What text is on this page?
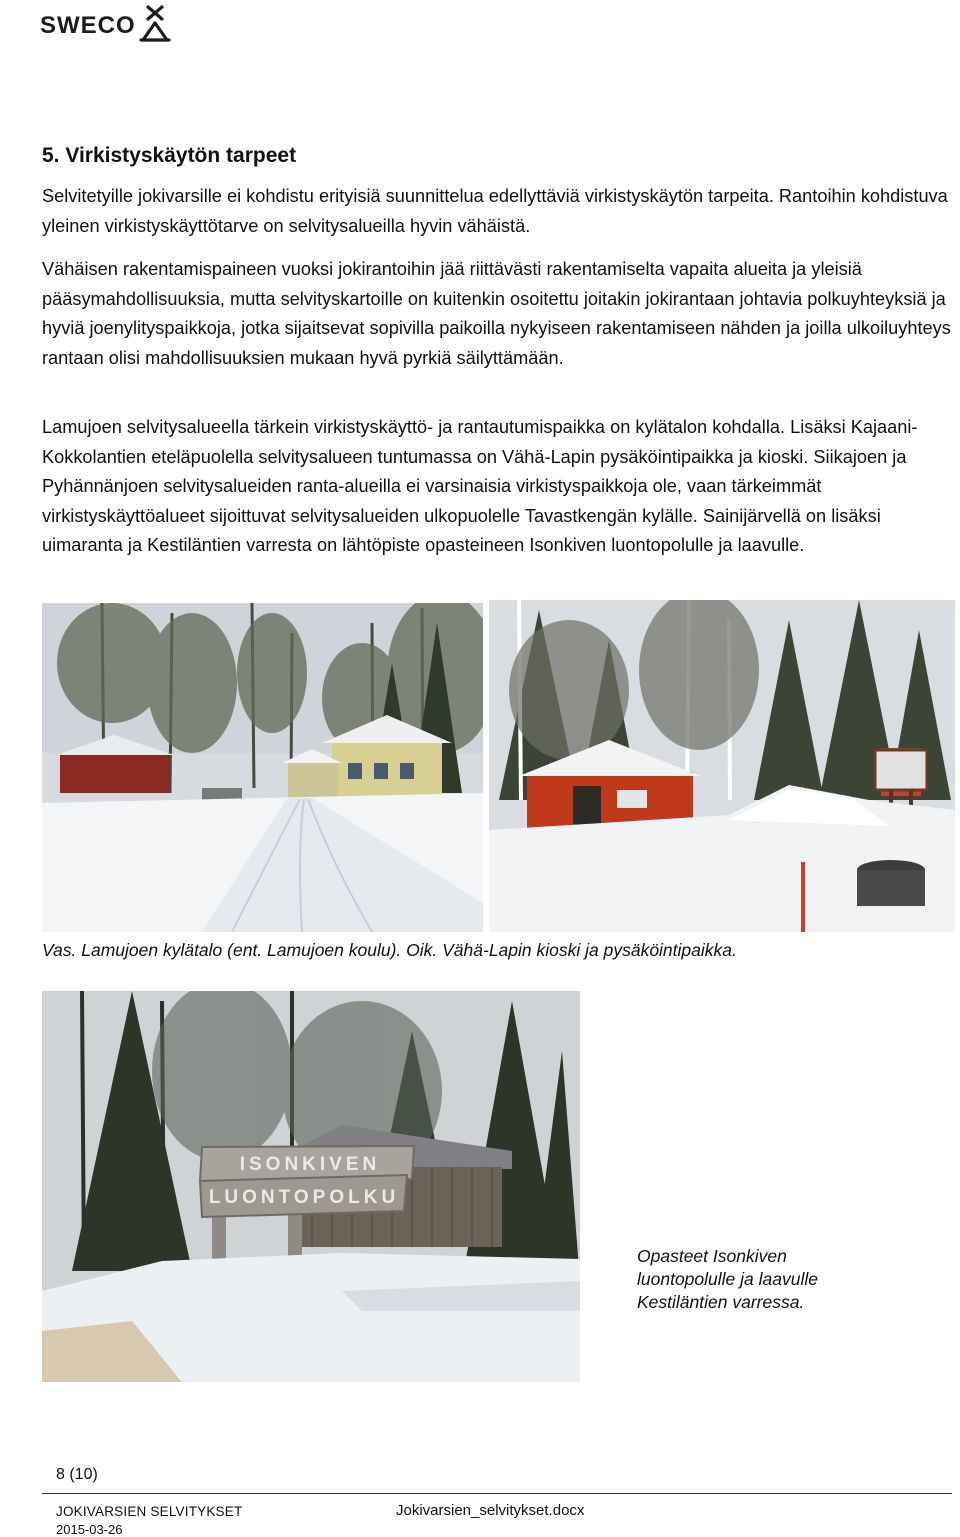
SWECO
5. Virkistyskäytön tarpeet

Selvitetyille jokivarsille ei kohdistu erityisiä suunnittelua edellyttäviä virkistyskäytön tarpeita. Rantoihin kohdistuva yleinen virkistyskäyttötarve on selvitysalueilla hyvin vähäistä.

Vähäisen rakentamispaineen vuoksi jokirantoihin jää riittävästi rakentamiselta vapaita alueita ja yleisiä pääsymahdollisuuksia, mutta selvityskartoille on kuitenkin osoitettu joitakin jokirantaan johtavia polkuyhteyksiä ja hyviä joenylityspaikkoja, jotka sijaitsevat sopivilla paikoilla nykyiseen rakentamiseen nähden ja joilla ulkoiluyhteys rantaan olisi mahdollisuuksien mukaan hyvä pyrkiä säilyttämään.

Lamujoen selvitysalueella tärkein virkistyskäyttö- ja rantautumispaikka on kylätalon kohdalla. Lisäksi Kajaani-Kokkolantien eteläpuolella selvitysalueen tuntumassa on Vähä-Lapin pysäköintipaikka ja kioski. Siikajoen ja Pyhännänjoen selvitysalueiden ranta-alueilla ei varsinaisia virkistyspaikkoja ole, vaan tärkeimmät virkistyskäyttöalueet sijoittuvat selvitysalueiden ulkopuolelle Tavastkengän kylälle. Sainijärvellä on lisäksi uimaranta ja Kestiläntien varresta on lähtöpiste opasteineen Isonkiven luontopolulle ja laavulle.

Vas. Lamujoen kylätalo (ent. Lamujoen koulu). Oik. Vähä-Lapin kioski ja pysäköintipaikka.
ISONKIVEN
LUONTOPOLKU
Opasteet Isonkiven luontopolulle ja laavulle Kestiläntien varressa.
8 (10)
JOKIVARSIEN SELVITYKSET
2015-03-26
Jokivarsien_selvitykset.docx
